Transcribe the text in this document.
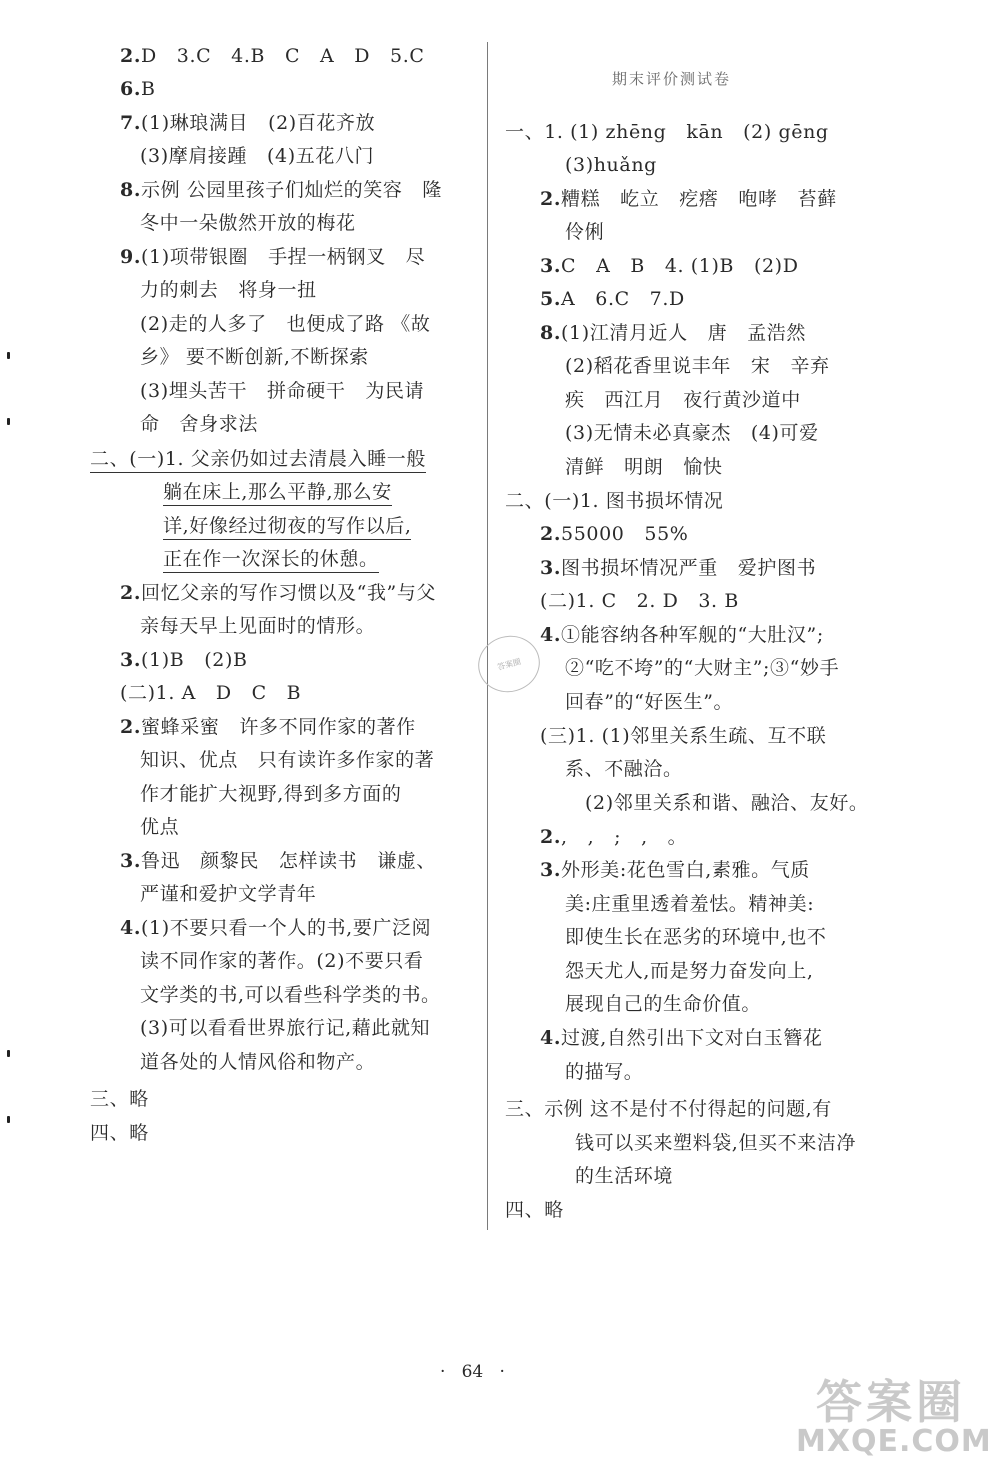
2.D   3.C   4.B   C   A   D   5.C
6.B
7.(1)琳琅满目   (2)百花齐放
(3)摩肩接踵   (4)五花八门
8.示例 公园里孩子们灿烂的笑容   隆
冬中一朵傲然开放的梅花
9.(1)项带银圈   手捏一柄钢叉   尽
力的刺去   将身一扭
(2)走的人多了   也便成了路 《故
乡》 要不断创新,不断探索
(3)埋头苦干   拼命硬干   为民请
命   舍身求法
二、(一)1. 父亲仍如过去清晨入睡一般
躺在床上,那么平静,那么安
详,好像经过彻夜的写作以后,
正在作一次深长的休憩。
2.回忆父亲的写作习惯以及“我”与父
亲每天早上见面时的情形。
3.(1)B   (2)B
(二)1. A   D   C   B
2.蜜蜂采蜜   许多不同作家的著作
知识、优点   只有读许多作家的著
作才能扩大视野,得到多方面的
优点
3.鲁迅   颜黎民   怎样读书   谦虚、
严谨和爱护文学青年
4.(1)不要只看一个人的书,要广泛阅
读不同作家的著作。(2)不要只看
文学类的书,可以看些科学类的书。
(3)可以看看世界旅行记,藉此就知
道各处的人情风俗和物产。
三、略
四、略
期末评价测试卷
一、1. (1) zhēng   kān   (2) gēng
(3)huǎng
2.糟糕   屹立   疙瘩   咆哮   苔藓
伶俐
3.C   A   B   4. (1)B   (2)D
5.A   6.C   7.D
8.(1)江清月近人   唐   孟浩然
(2)稻花香里说丰年   宋   辛弃
疾   西江月   夜行黄沙道中
(3)无情未必真豪杰   (4)可爱
清鲜   明朗   愉快
二、(一)1. 图书损坏情况
2.55000   55%
3.图书损坏情况严重   爱护图书
(二)1. C   2. D   3. B
4.①能容纳各种军舰的“大肚汉”;
②“吃不垮”的“大财主”;③“妙手
回春”的“好医生”。
(三)1. (1)邻里关系生疏、互不联
系、不融洽。
(2)邻里关系和谐、融洽、友好。
2.,   ,   ;   ,   。
3.外形美:花色雪白,素雅。气质
美:庄重里透着羞怯。精神美:
即使生长在恶劣的环境中,也不
怨天尤人,而是努力奋发向上,
展现自己的生命价值。
4.过渡,自然引出下文对白玉簪花
的描写。
三、示例 这不是付不付得起的问题,有
钱可以买来塑料袋,但买不来洁净
的生活环境
四、略
答案圈
·   64   ·
答案圈
MXQE.COM
